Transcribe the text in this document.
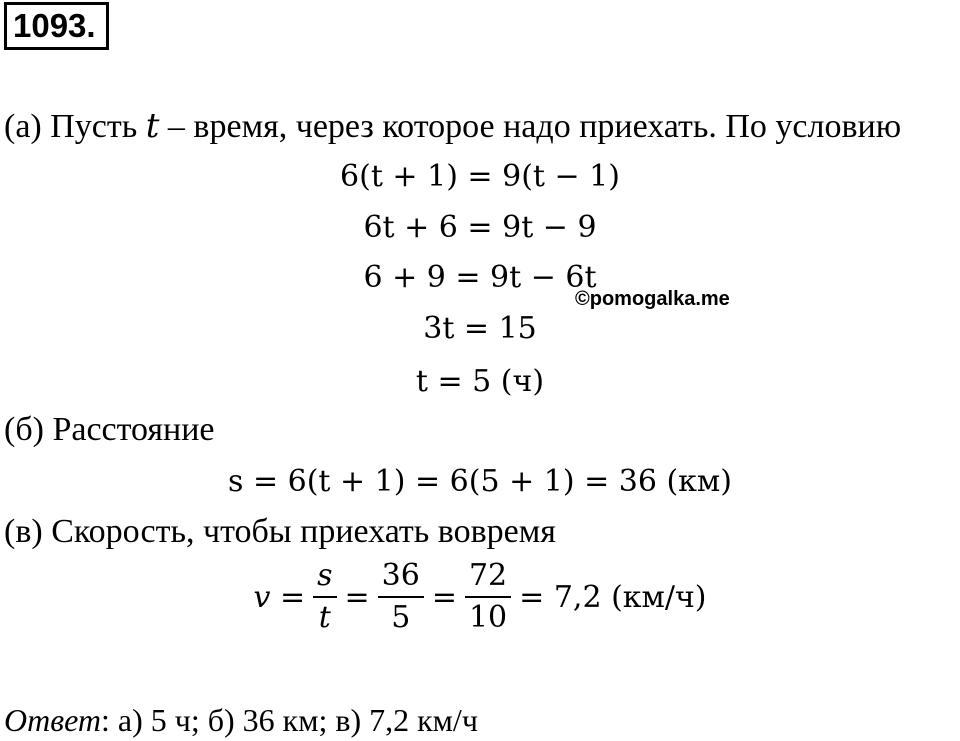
1093.
(а) Пусть t – время, через которое надо приехать. По условию
6(t + 1) = 9(t − 1)
6t + 6 = 9t − 9
6 + 9 = 9t − 6t
©pomogalka.me
3t = 15
t = 5 (ч)
(б) Расстояние
s = 6(t + 1) = 6(5 + 1) = 36 (км)
(в) Скорость, чтобы приехать вовремя
$v = \frac{s}{t} = \frac{36}{5} = \frac{72}{10} = 7,2$ (км/ч)
Ответ: а) 5 ч; б) 36 км; в) 7,2 км/ч
